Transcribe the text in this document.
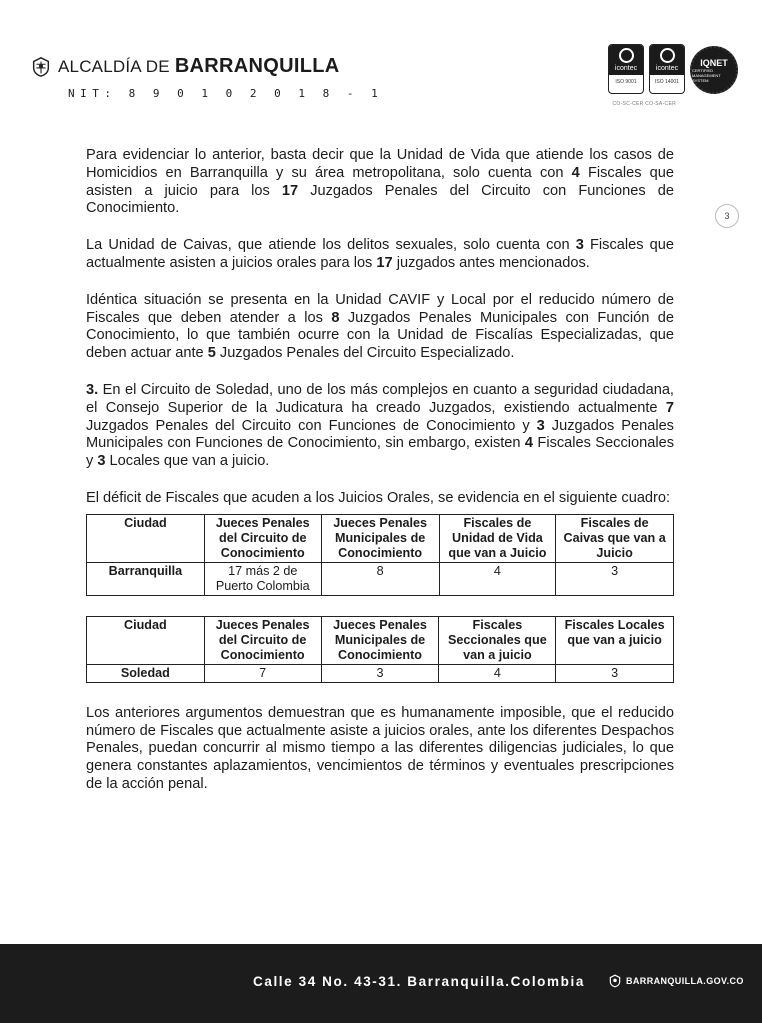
ALCALDÍA DE BARRANQUILLA
NIT: 8 9 0 1 0 2 0 1 8 - 1
icontec
ISO 9001
icontec
ISO 14001
IQNET
CERTIFIED MANAGEMENT SYSTEM
CO-SC-CER CO-SA-CER
3

Para evidenciar lo anterior, basta decir que la Unidad de Vida que atiende los casos de Homicidios en Barranquilla y su área metropolitana, solo cuenta con 4 Fiscales que asisten a juicio para los 17 Juzgados Penales del Circuito con Funciones de Conocimiento.

La Unidad de Caivas, que atiende los delitos sexuales, solo cuenta con 3 Fiscales que actualmente asisten a juicios orales para los 17 juzgados antes mencionados.

Idéntica situación se presenta en la Unidad CAVIF y Local por el reducido número de Fiscales que deben atender a los 8 Juzgados Penales Municipales con Función de Conocimiento, lo que también ocurre con la Unidad de Fiscalías Especializadas, que deben actuar ante 5 Juzgados Penales del Circuito Especializado.

3. En el Circuito de Soledad, uno de los más complejos en cuanto a seguridad ciudadana, el Consejo Superior de la Judicatura ha creado Juzgados, existiendo actualmente 7 Juzgados Penales del Circuito con Funciones de Conocimiento y 3 Juzgados Penales Municipales con Funciones de Conocimiento, sin embargo, existen 4 Fiscales Seccionales y 3 Locales que van a juicio.

El déficit de Fiscales que acuden a los Juicios Orales, se evidencia en el siguiente cuadro:

Ciudad	Jueces Penales del Circuito de Conocimiento	Jueces Penales Municipales de Conocimiento	Fiscales de Unidad de Vida que van a Juicio	Fiscales de Caivas que van a Juicio
Barranquilla	17 más 2 de Puerto Colombia	8	4	3
Ciudad	Jueces Penales del Circuito de Conocimiento	Jueces Penales Municipales de Conocimiento	Fiscales Seccionales que van a juicio	Fiscales Locales que van a juicio
Soledad	7	3	4	3

Los anteriores argumentos demuestran que es humanamente imposible, que el reducido número de Fiscales que actualmente asiste a juicios orales, ante los diferentes Despachos Penales, puedan concurrir al mismo tiempo a las diferentes diligencias judiciales, lo que genera constantes aplazamientos, vencimientos de términos y eventuales prescripciones de la acción penal.

Calle 34 No. 43-31. Barranquilla.Colombia	BARRANQUILLA.GOV.CO
